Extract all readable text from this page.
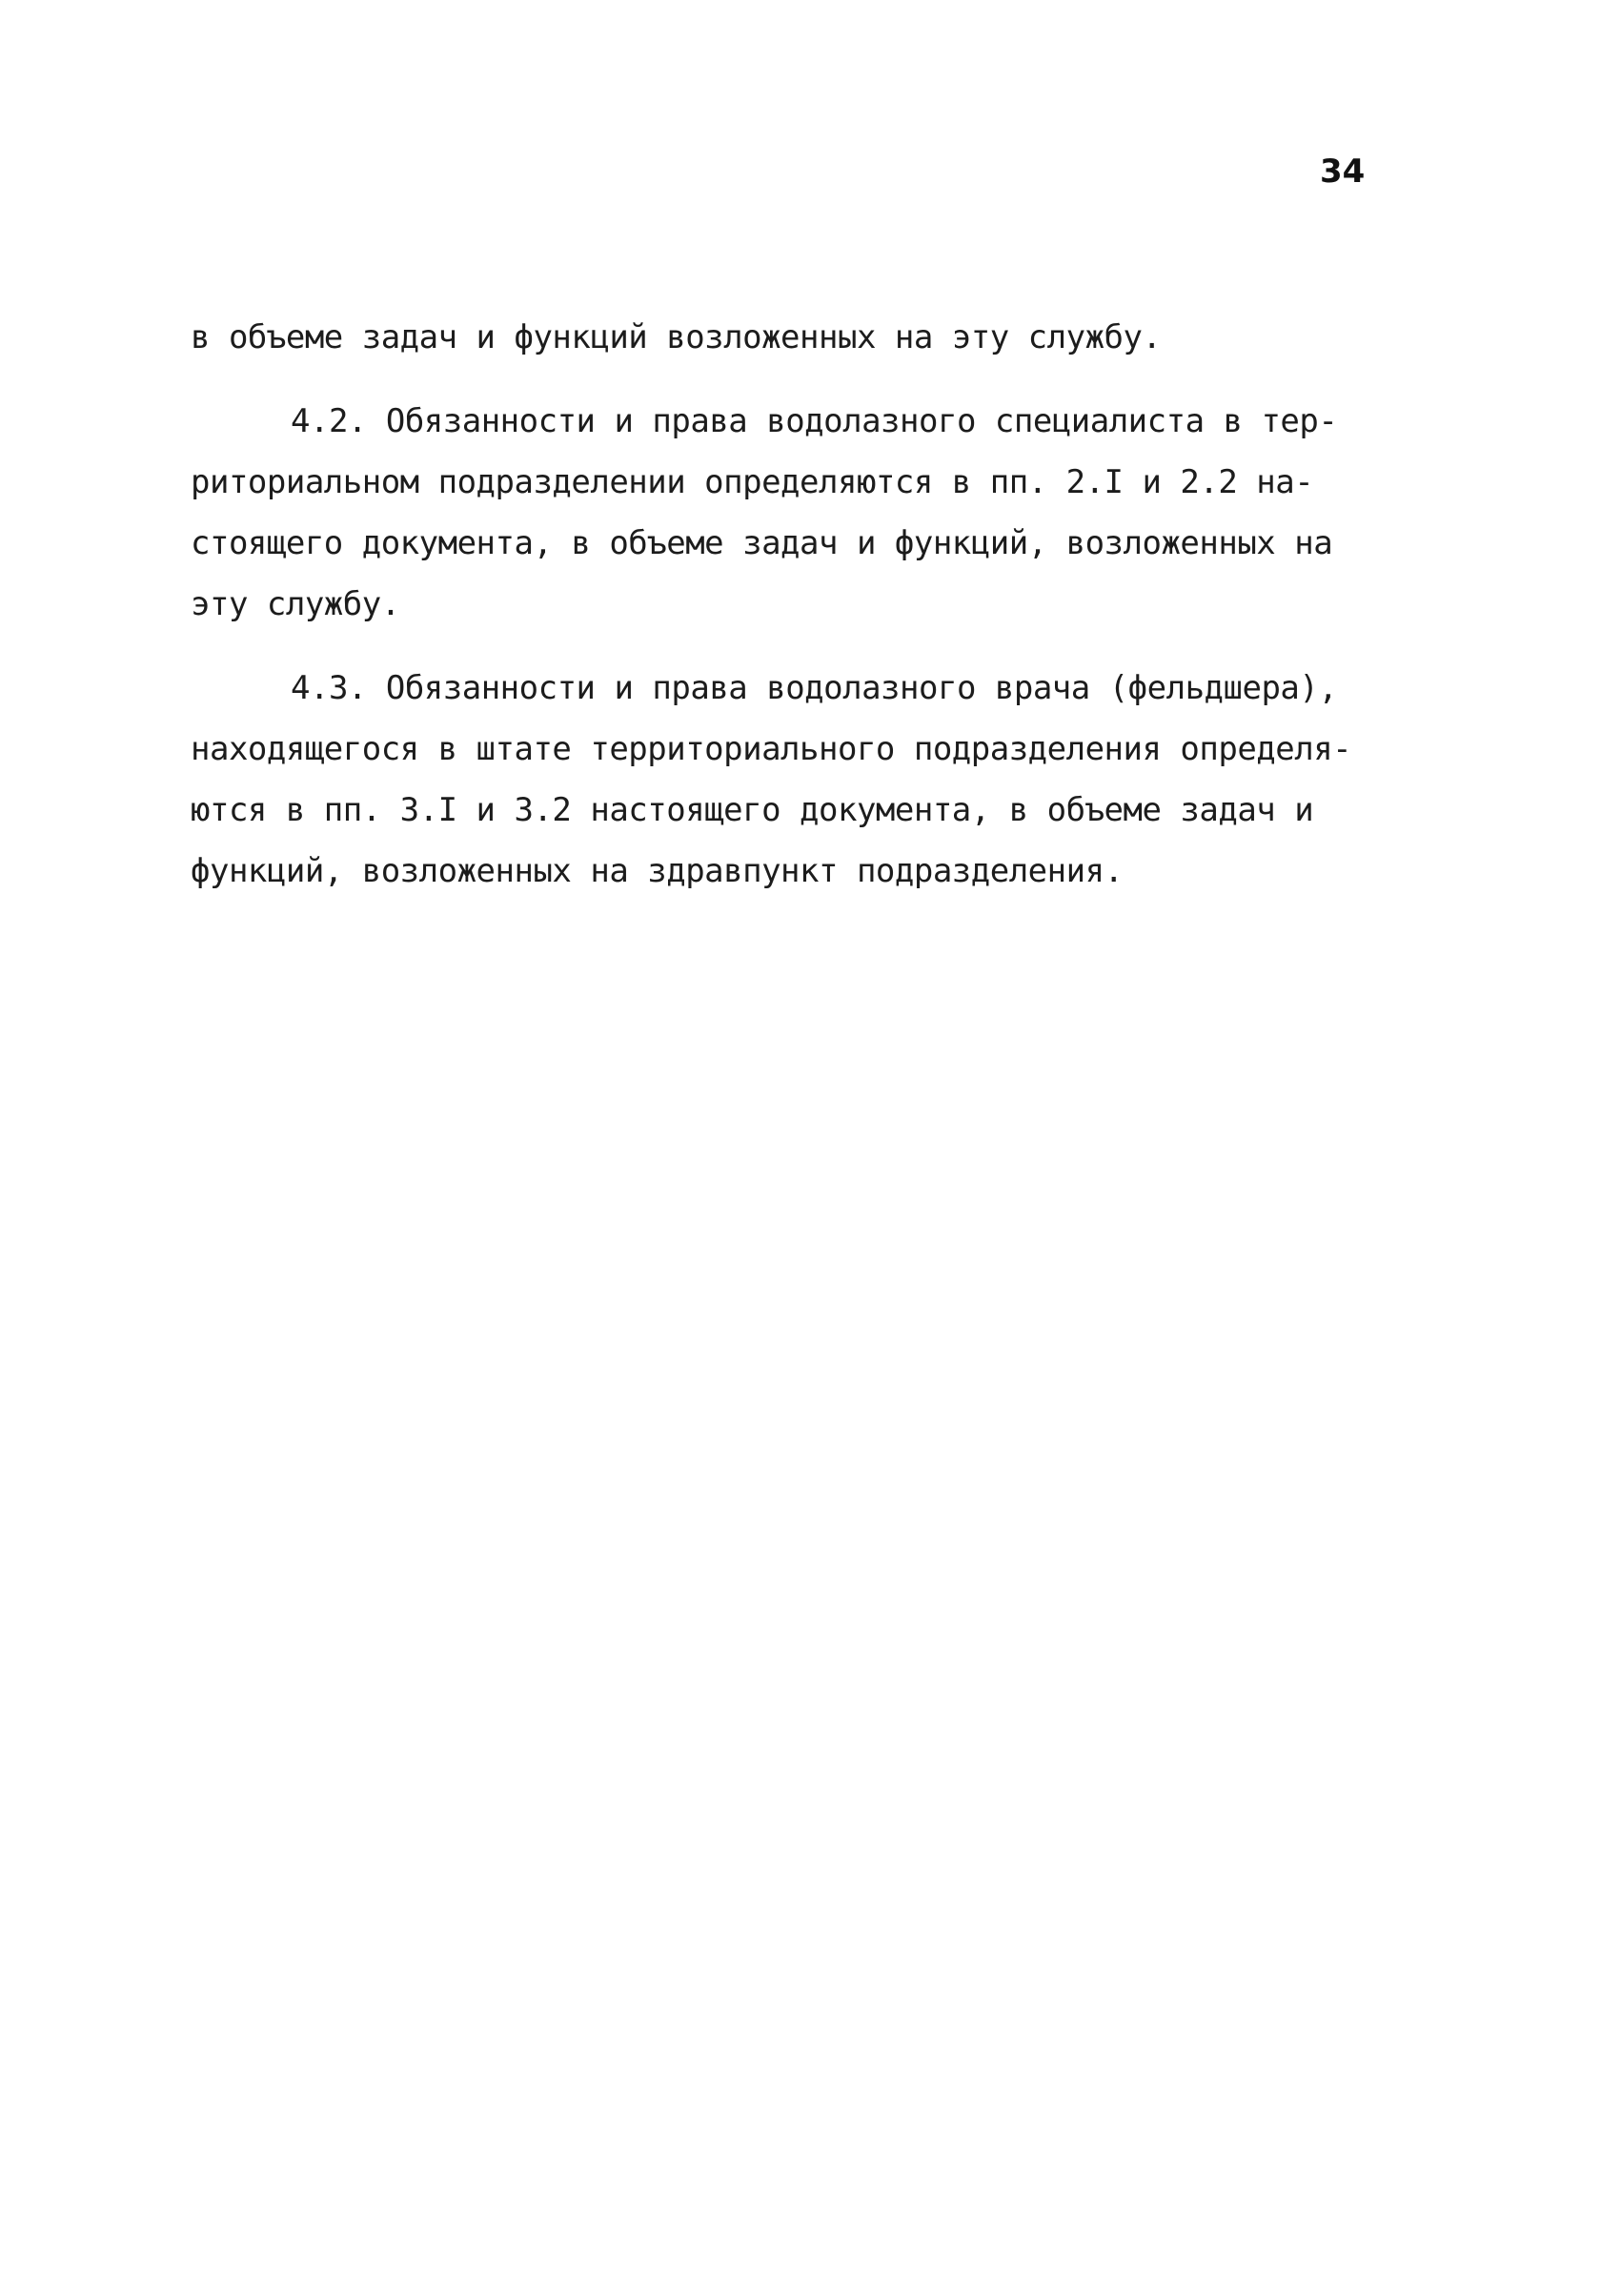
34
в объеме задач и функций возложенных на эту службу.
4.2. Обязанности и права водолазного специалиста в тер-
риториальном подразделении определяются в пп. 2.I и 2.2 на-
стоящего документа, в объеме задач и функций, возложенных на
эту службу.
4.3. Обязанности и права водолазного врача (фельдшера),
находящегося в штате территориального подразделения определя-
ются в пп. 3.I и 3.2 настоящего документа, в объеме задач и
функций, возложенных на здравпункт подразделения.
